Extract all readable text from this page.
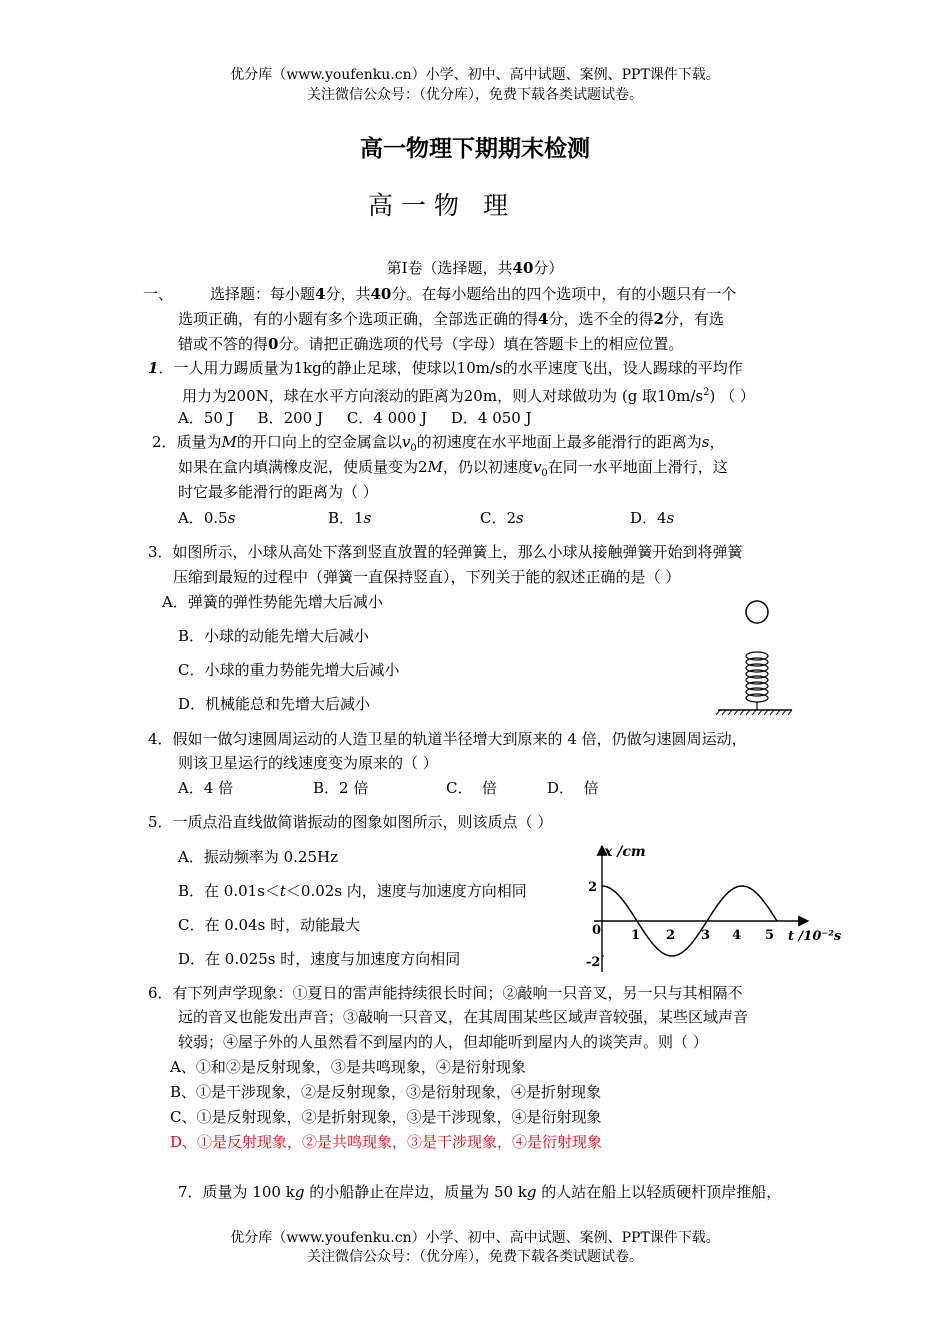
优分库（www.youfenku.cn）小学、初中、高中试题、案例、PPT课件下载。
关注微信公众号：（优分库），免费下载各类试题试卷。
高一物理下期期末检测
高一物 理
第Ⅰ卷（选择题，共40分）
一、 选择题：每小题4分，共40分。在每小题给出的四个选项中，有的小题只有一个
选项正确，有的小题有多个选项正确，全部选正确的得4分，选不全的得2分，有选
错或不答的得0分。请把正确选项的代号（字母）填在答题卡上的相应位置。
1．一人用力踢质量为1kg的静止足球，使球以10m/s的水平速度飞出，设人踢球的平均作
用力为200N，球在水平方向滚动的距离为20m，则人对球做功为 (g 取$10m/s^2$) （ ）
A．50 J     B．200 J     C．4 000 J     D．4 050 J
2．质量为M的开口向上的空金属盒以$v_0$的初速度在水平地面上最多能滑行的距离为s，
如果在盒内填满橡皮泥，使质量变为2M，仍以初速度$v_0$在同一水平地面上滑行，这
时它最多能滑行的距离为（ ）
A．0.5s	B．1s	C．2s	D．4s
3．如图所示，小球从高处下落到竖直放置的轻弹簧上，那么小球从接触弹簧开始到将弹簧
压缩到最短的过程中（弹簧一直保持竖直），下列关于能的叙述正确的是（ ）
A．弹簧的弹性势能先增大后减小
B．小球的动能先增大后减小
C．小球的重力势能先增大后减小
D．机械能总和先增大后减小
4．假如一做匀速圆周运动的人造卫星的轨道半径增大到原来的 4 倍，仍做匀速圆周运动，
则该卫星运行的线速度变为原来的（ ）
A．4 倍	B．2 倍	C．  倍	D．  倍
5．一质点沿直线做简谐振动的图象如图所示，则该质点（ ）
A．振动频率为 0.25Hz
B．在 0.01s＜t＜0.02s 内，速度与加速度方向相同
C．在 0.04s 时，动能最大
D．在 0.025s 时，速度与加速度方向相同
x /cm
t /10⁻²s
0
2
-2
1 2 3 4 5
6．有下列声学现象：①夏日的雷声能持续很长时间；②敲响一只音叉，另一只与其相隔不
远的音叉也能发出声音；③敲响一只音叉，在其周围某些区域声音较强，某些区域声音
较弱；④屋子外的人虽然看不到屋内的人，但却能听到屋内人的谈笑声。则（ ）
A、①和②是反射现象，③是共鸣现象，④是衍射现象
B、①是干涉现象，②是反射现象，③是衍射现象，④是折射现象
C、①是反射现象，②是折射现象，③是干涉现象，④是衍射现象
D、①是反射现象，②是共鸣现象，③是干涉现象，④是衍射现象
7．质量为 100 kg 的小船静止在岸边，质量为 50 kg 的人站在船上以轻质硬杆顶岸推船，
优分库（www.youfenku.cn）小学、初中、高中试题、案例、PPT课件下载。
关注微信公众号：（优分库），免费下载各类试题试卷。
